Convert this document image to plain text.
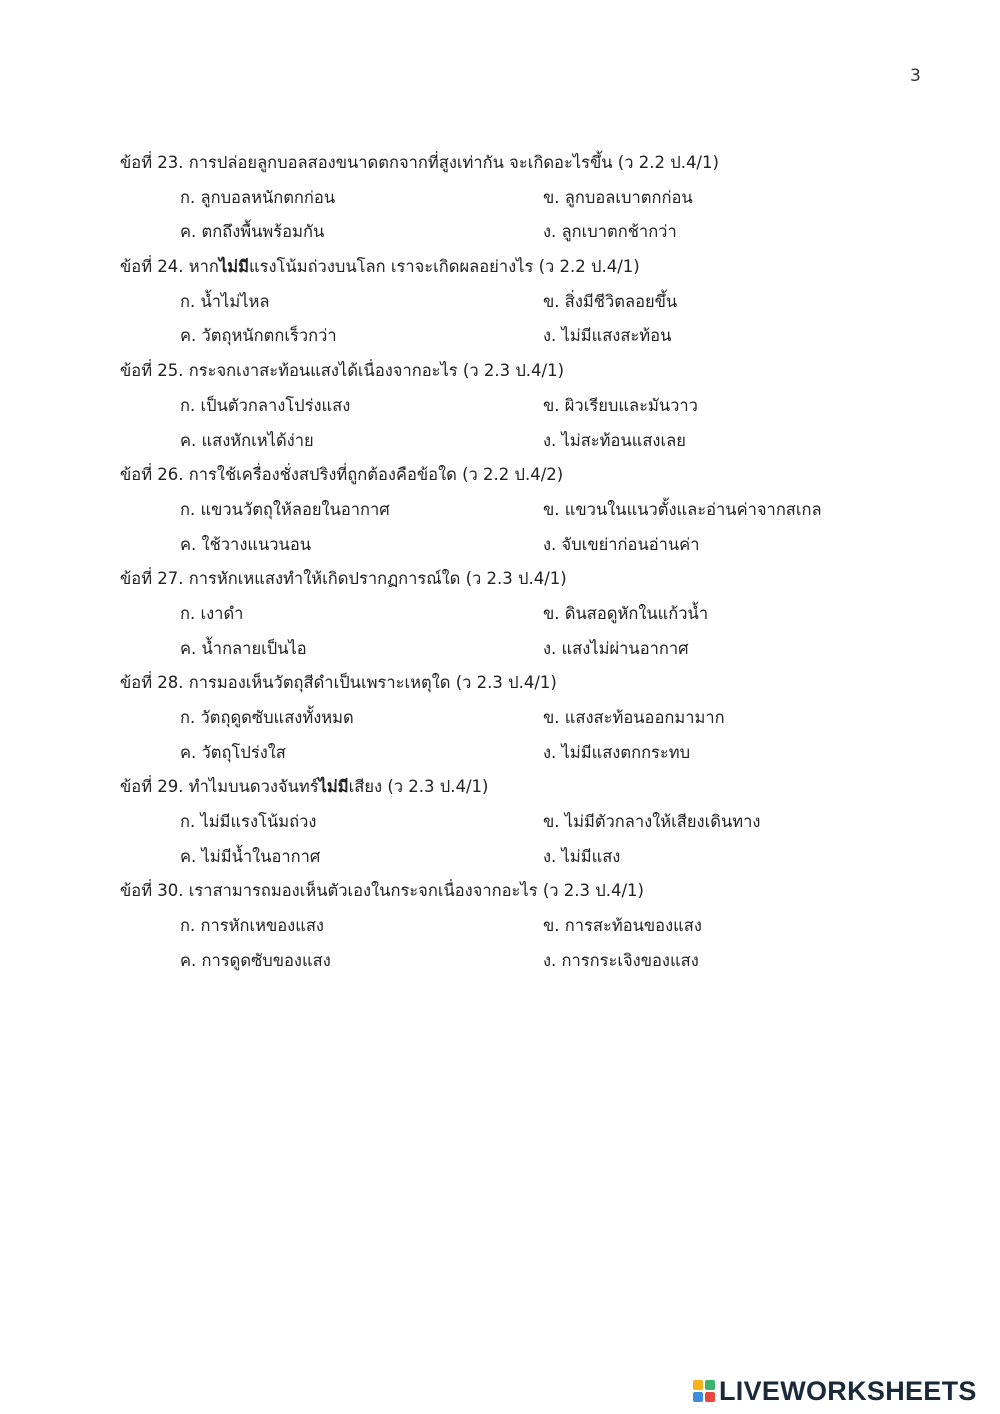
3
ข้อที่ 23. การปล่อยลูกบอลสองขนาดตกจากที่สูงเท่ากัน จะเกิดอะไรขึ้น (ว 2.2 ป.4/1)
ก. ลูกบอลหนักตกก่อน	ข. ลูกบอลเบาตกก่อน
ค. ตกถึงพื้นพร้อมกัน	ง. ลูกเบาตกช้ากว่า
ข้อที่ 24. หากไม่มีแรงโน้มถ่วงบนโลก เราจะเกิดผลอย่างไร (ว 2.2 ป.4/1)
ก. น้ำไม่ไหล	ข. สิ่งมีชีวิตลอยขึ้น
ค. วัตถุหนักตกเร็วกว่า	ง. ไม่มีแสงสะท้อน
ข้อที่ 25. กระจกเงาสะท้อนแสงได้เนื่องจากอะไร (ว 2.3 ป.4/1)
ก. เป็นตัวกลางโปร่งแสง	ข. ผิวเรียบและมันวาว
ค. แสงหักเหได้ง่าย	ง. ไม่สะท้อนแสงเลย
ข้อที่ 26. การใช้เครื่องชั่งสปริงที่ถูกต้องคือข้อใด (ว 2.2 ป.4/2)
ก. แขวนวัตถุให้ลอยในอากาศ	ข. แขวนในแนวตั้งและอ่านค่าจากสเกล
ค. ใช้วางแนวนอน	ง. จับเขย่าก่อนอ่านค่า
ข้อที่ 27. การหักเหแสงทำให้เกิดปรากฏการณ์ใด (ว 2.3 ป.4/1)
ก. เงาดำ	ข. ดินสอดูหักในแก้วน้ำ
ค. น้ำกลายเป็นไอ	ง. แสงไม่ผ่านอากาศ
ข้อที่ 28. การมองเห็นวัตถุสีดำเป็นเพราะเหตุใด (ว 2.3 ป.4/1)
ก. วัตถุดูดซับแสงทั้งหมด	ข. แสงสะท้อนออกมามาก
ค. วัตถุโปร่งใส	ง. ไม่มีแสงตกกระทบ
ข้อที่ 29. ทำไมบนดวงจันทร์ไม่มีเสียง (ว 2.3 ป.4/1)
ก. ไม่มีแรงโน้มถ่วง	ข. ไม่มีตัวกลางให้เสียงเดินทาง
ค. ไม่มีน้ำในอากาศ	ง. ไม่มีแสง
ข้อที่ 30. เราสามารถมองเห็นตัวเองในกระจกเนื่องจากอะไร (ว 2.3 ป.4/1)
ก. การหักเหของแสง	ข. การสะท้อนของแสง
ค. การดูดซับของแสง	ง. การกระเจิงของแสง
LIVEWORKSHEETS
